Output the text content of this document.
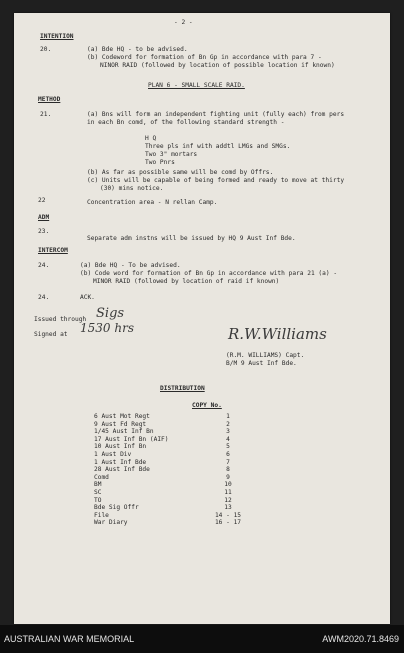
- 2 -
INTENTION
20.	(a) Bde HQ - to be advised.
(b) Codeword for formation of Bn Gp in accordance with para 7 -
NINOR RAID (followed by location of possible location if known)
PLAN 6 - SMALL SCALE RAID.
METHOD
21.	(a) Bns will form an independent fighting unit (fully each) from pers
in each Bn comd, of the following standard strength -
H Q
Three pls inf with addtl LMGs and SMGs.
Two 3" mortars
Two Pnrs
(b) As far as possible same will be comd by Offrs.
(c) Units will be capable of being formed and ready to move at thirty
(30) mins notice.
22	Concentration area - N rellan Camp.
ADM
23.
Separate adm instns will be issued by HQ 9 Aust Inf Bde.
INTERCOM
24.	(a) Bde HQ - To be advised.
(b) Code word for formation of Bn Gp in accordance with para 21 (a) -
MINOR RAID (followed by location of raid if known)
24.	ACK.
Issued through Sigs
Signed at 1530 hrs	R.W.Williams
(R.M. WILLIAMS) Capt.
B/M 9 Aust Inf Bde.
DISTRIBUTION
COPY No.
6 Aust Mot Regt	1
9 Aust Fd Regt	2
1/45 Aust Inf Bn	3
17 Aust Inf Bn (AIF)	4
10 Aust Inf Bn	5
1 Aust Div	6
1 Aust Inf Bde	7
28 Aust Inf Bde	8
Comd	9
BM	10
SC	11
TO	12
Bde Sig Offr	13
File	14 - 15
War Diary	16 - 17
AUSTRALIAN WAR MEMORIAL	AWM2020.71.8469
